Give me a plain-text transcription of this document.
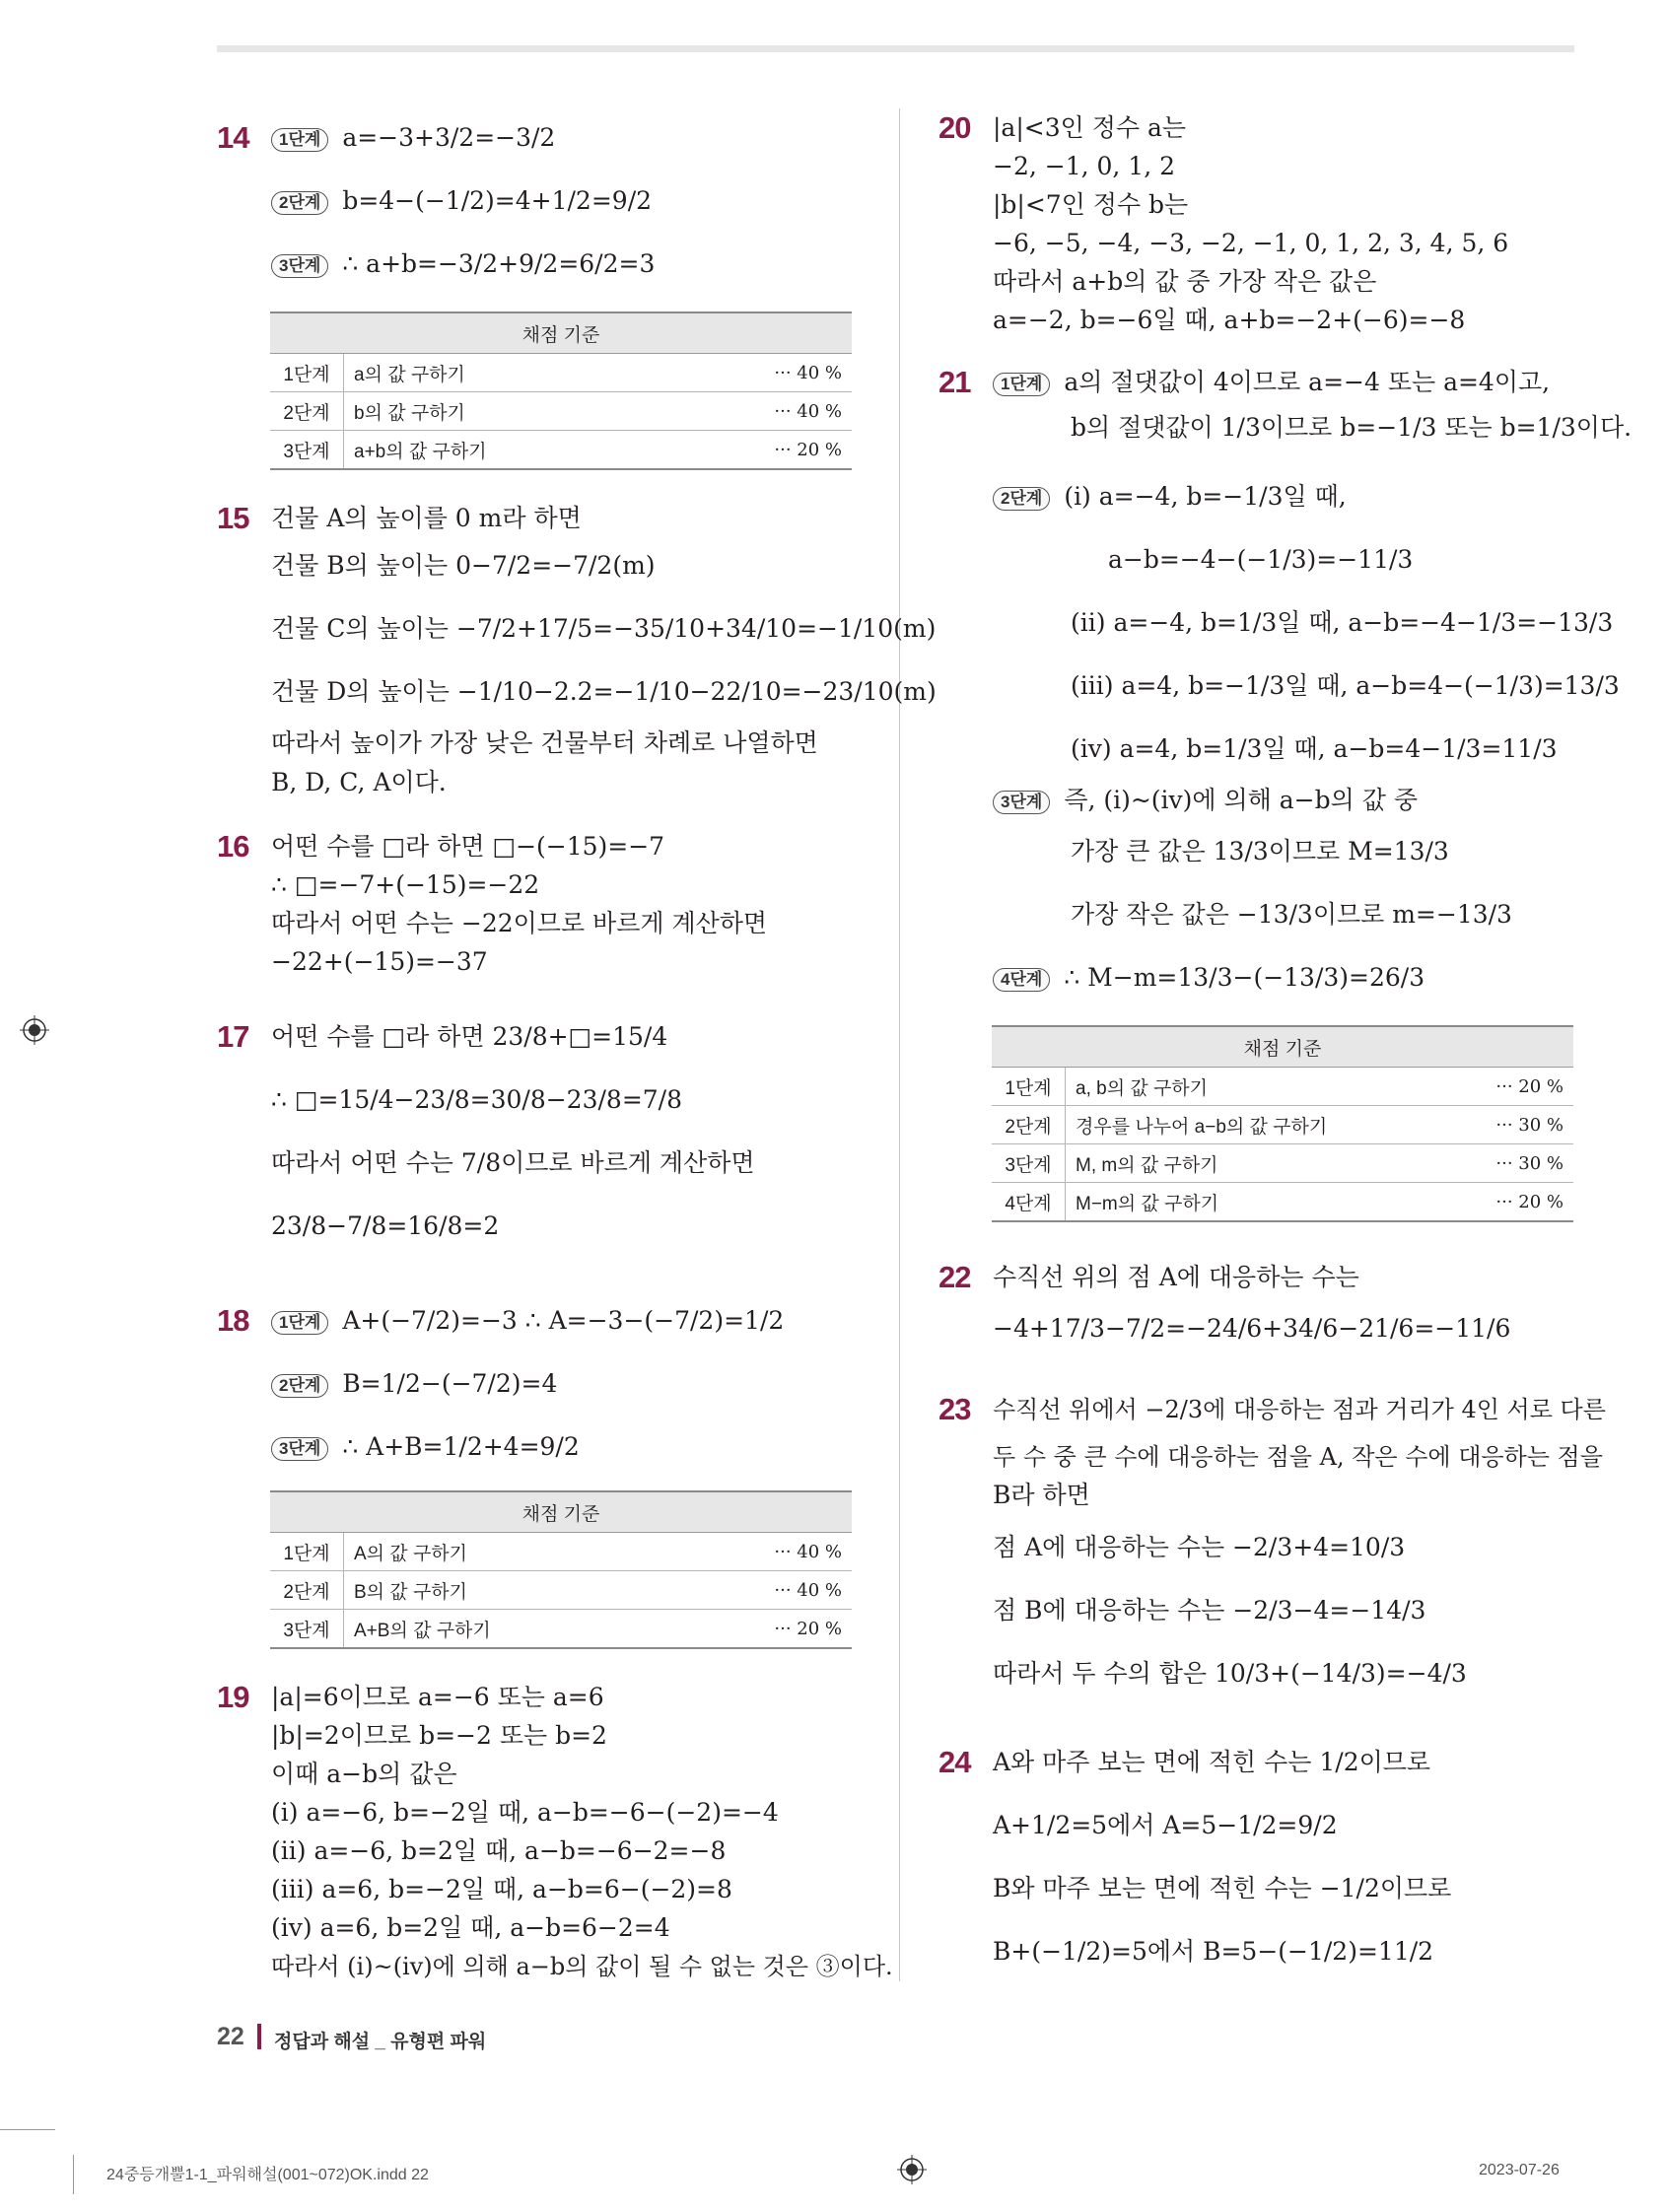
14	1단계 a=−3+3/2=−3/2
2단계 b=4−(−1/2)=4+1/2=9/2
3단계 ∴ a+b=−3/2+9/2=6/2=3
채점 기준		
1단계	a의 값 구하기	··· 40 %
2단계	b의 값 구하기	··· 40 %
3단계	a+b의 값 구하기	··· 20 %
15 건물 A의 높이를 0 m라 하면
건물 B의 높이는 0−7/2=−7/2(m)
건물 C의 높이는 −7/2+17/5=−35/10+34/10=−1/10(m)
건물 D의 높이는 −1/10−2.2=−1/10−22/10=−23/10(m)
따라서 높이가 가장 낮은 건물부터 차례로 나열하면
B, D, C, A이다.
16 어떤 수를 □라 하면 □−(−15)=−7
∴ □=−7+(−15)=−22
따라서 어떤 수는 −22이므로 바르게 계산하면
−22+(−15)=−37
17 어떤 수를 □라 하면 23/8+□=15/4
∴ □=15/4−23/8=30/8−23/8=7/8
따라서 어떤 수는 7/8이므로 바르게 계산하면
23/8−7/8=16/8=2
18	1단계 A+(−7/2)=−3 ∴ A=−3−(−7/2)=1/2
2단계 B=1/2−(−7/2)=4
3단계 ∴ A+B=1/2+4=9/2
채점 기준		
1단계	A의 값 구하기	··· 40 %
2단계	B의 값 구하기	··· 40 %
3단계	A+B의 값 구하기	··· 20 %
19 |a|=6이므로 a=−6 또는 a=6
|b|=2이므로 b=−2 또는 b=2
이때 a−b의 값은
(ⅰ) a=−6, b=−2일 때, a−b=−6−(−2)=−4
(ⅱ) a=−6, b=2일 때, a−b=−6−2=−8
(ⅲ) a=6, b=−2일 때, a−b=6−(−2)=8
(ⅳ) a=6, b=2일 때, a−b=6−2=4
따라서 (ⅰ)~(ⅳ)에 의해 a−b의 값이 될 수 없는 것은 ③이다.
20 |a|<3인 정수 a는
−2, −1, 0, 1, 2
|b|<7인 정수 b는
−6, −5, −4, −3, −2, −1, 0, 1, 2, 3, 4, 5, 6
따라서 a+b의 값 중 가장 작은 값은
a=−2, b=−6일 때, a+b=−2+(−6)=−8
21	1단계 a의 절댓값이 4이므로 a=−4 또는 a=4이고,
b의 절댓값이 1/3이므로 b=−1/3 또는 b=1/3이다.
2단계 (ⅰ) a=−4, b=−1/3일 때,
a−b=−4−(−1/3)=−11/3
(ⅱ) a=−4, b=1/3일 때, a−b=−4−1/3=−13/3
(ⅲ) a=4, b=−1/3일 때, a−b=4−(−1/3)=13/3
(ⅳ) a=4, b=1/3일 때, a−b=4−1/3=11/3
3단계 즉, (ⅰ)~(ⅳ)에 의해 a−b의 값 중
가장 큰 값은 13/3이므로 M=13/3
가장 작은 값은 −13/3이므로 m=−13/3
4단계 ∴ M−m=13/3−(−13/3)=26/3
채점 기준		
1단계	a, b의 값 구하기	··· 20 %
2단계	경우를 나누어 a−b의 값 구하기	··· 30 %
3단계	M, m의 값 구하기	··· 30 %
4단계	M−m의 값 구하기	··· 20 %
22 수직선 위의 점 A에 대응하는 수는
−4+17/3−7/2=−24/6+34/6−21/6=−11/6
23 수직선 위에서 −2/3에 대응하는 점과 거리가 4인 서로 다른
두 수 중 큰 수에 대응하는 점을 A, 작은 수에 대응하는 점을
B라 하면
점 A에 대응하는 수는 −2/3+4=10/3
점 B에 대응하는 수는 −2/3−4=−14/3
따라서 두 수의 합은 10/3+(−14/3)=−4/3
24 A와 마주 보는 면에 적힌 수는 1/2이므로
A+1/2=5에서 A=5−1/2=9/2
B와 마주 보는 면에 적힌 수는 −1/2이므로
B+(−1/2)=5에서 B=5−(−1/2)=11/2
22 정답과 해설 _ 유형편 파워
24중등개뿔1-1_파워해설(001~072)OK.indd 22	2023-07-26
